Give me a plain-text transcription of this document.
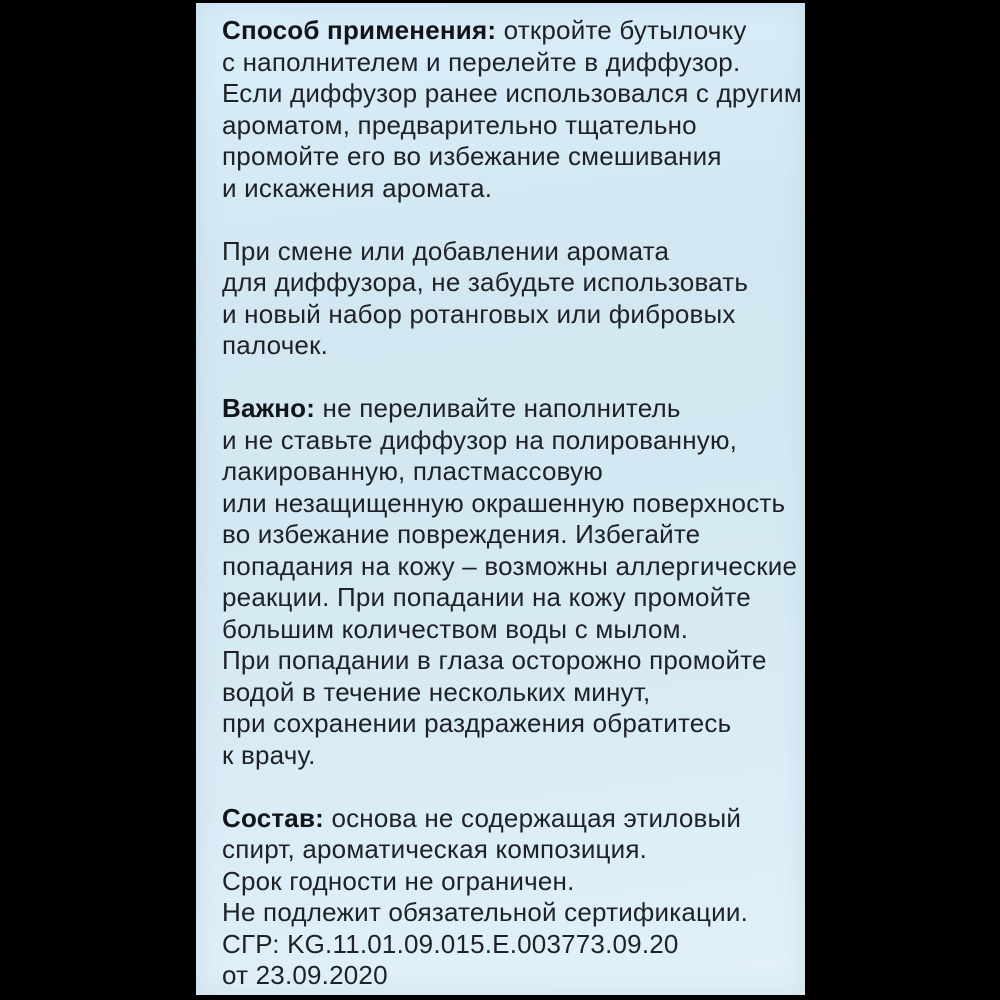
Способ применения: откройте бутылочку
с наполнителем и перелейте в диффузор.
Если диффузор ранее использовался с другим
ароматом, предварительно тщательно
промойте его во избежание смешивания
и искажения аромата.
При смене или добавлении аромата
для диффузора, не забудьте использовать
и новый набор ротанговых или фибровых
палочек.
Важно: не переливайте наполнитель
и не ставьте диффузор на полированную,
лакированную, пластмассовую
или незащищенную окрашенную поверхность
во избежание повреждения. Избегайте
попадания на кожу – возможны аллергические
реакции. При попадании на кожу промойте
большим количеством воды с мылом.
При попадании в глаза осторожно промойте
водой в течение нескольких минут,
при сохранении раздражения обратитесь
к врачу.
Состав: основа не содержащая этиловый
спирт, ароматическая композиция.
Срок годности не ограничен.
Не подлежит обязательной сертификации.
СГР: KG.11.01.09.015.E.003773.09.20
от 23.09.2020
